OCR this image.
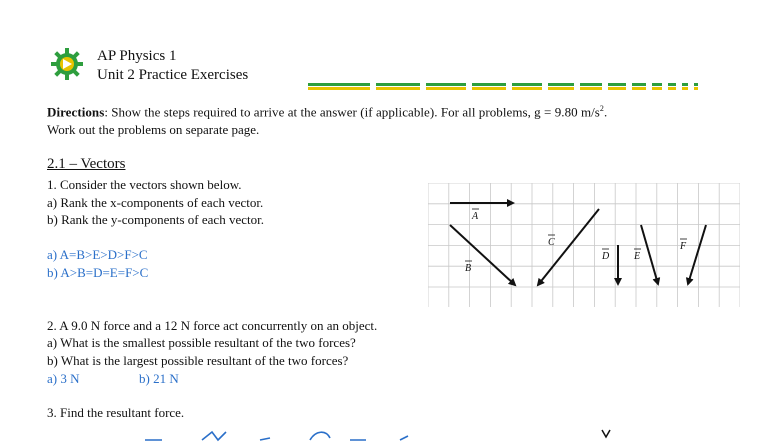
AP Physics 1
Unit 2 Practice Exercises
Directions: Show the steps required to arrive at the answer (if applicable). For all problems, g = 9.80 $m/s^2$.
Work out the problems on separate page.
2.1 – Vectors
1. Consider the vectors shown below.
a) Rank the x-components of each vector.
b) Rank the y-components of each vector.
a) A=B>E>D>F>C
b) A>B=D=E=F>C
A
B
C
D E
F
2. A 9.0 N force and a 12 N force act concurrently on an object.
a) What is the smallest possible resultant of the two forces?
b) What is the largest possible resultant of the two forces?
a) 3 N	b) 21 N
3. Find the resultant force.
